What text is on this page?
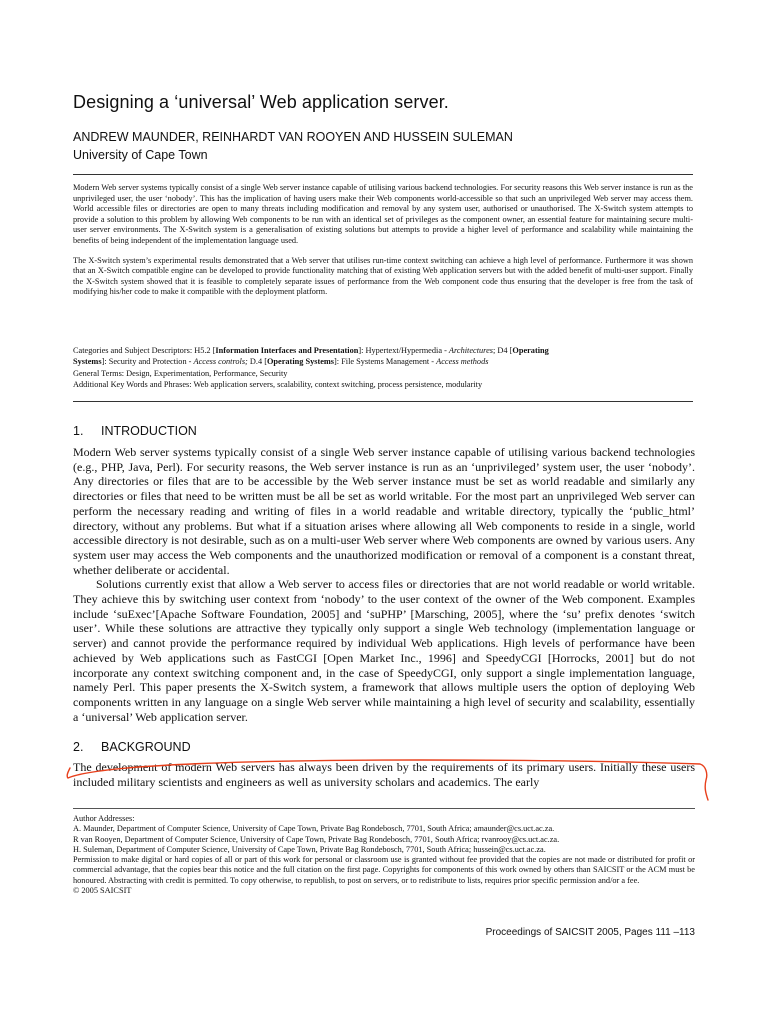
Designing a ‘universal’ Web application server.
ANDREW MAUNDER, REINHARDT VAN ROOYEN AND HUSSEIN SULEMAN
University of Cape Town

Modern Web server systems typically consist of a single Web server instance capable of utilising various backend technologies. For security reasons this Web server instance is run as the unprivileged user, the user ‘nobody’. This has the implication of having users make their Web components world-accessible so that such an unprivileged Web server may access them. World accessible files or directories are open to many threats including modification and removal by any system user, authorised or unauthorised. The X-Switch system attempts to provide a solution to this problem by allowing Web components to be run with an identical set of privileges as the component owner, an essential feature for maintaining secure multi-user server environments. The X-Switch system is a generalisation of existing solutions but attempts to provide a higher level of performance and scalability while maintaining the benefits of being independent of the implementation language used.

The X-Switch system’s experimental results demonstrated that a Web server that utilises run-time context switching can achieve a high level of performance. Furthermore it was shown that an X-Switch compatible engine can be developed to provide functionality matching that of existing Web application servers but with the added benefit of multi-user support. Finally the X-Switch system showed that it is feasible to completely separate issues of performance from the Web component code thus ensuring that the developer is free from the task of modifying his/her code to make it compatible with the deployment platform.

Categories and Subject Descriptors: H5.2 [Information Interfaces and Presentation]: Hypertext/Hypermedia - Architectures; D4 [Operating
Systems]: Security and Protection - Access controls; D.4 [Operating Systems]: File Systems Management - Access methods
General Terms: Design, Experimentation, Performance, Security
Additional Key Words and Phrases: Web application servers, scalability, context switching, process persistence, modularity
1. INTRODUCTION

Modern Web server systems typically consist of a single Web server instance capable of utilising various backend technologies (e.g., PHP, Java, Perl). For security reasons, the Web server instance is run as an ‘unprivileged’ system user, the user ‘nobody’. Any directories or files that are to be accessible by the Web server instance must be set as world readable and similarly any directories or files that need to be written must be all be set as world writable. For the most part an unprivileged Web server can perform the necessary reading and writing of files in a world readable and writable directory, typically the ‘public_html’ directory, without any problems. But what if a situation arises where allowing all Web components to reside in a single, world accessible directory is not desirable, such as on a multi-user Web server where Web components are owned by various users. Any system user may access the Web components and the unauthorized modification or removal of a component is a constant threat, whether deliberate or accidental.

Solutions currently exist that allow a Web server to access files or directories that are not world readable or world writable. They achieve this by switching user context from ‘nobody’ to the user context of the owner of the Web component. Examples include ‘suExec’[Apache Software Foundation, 2005] and ‘suPHP’ [Marsching, 2005], where the ‘su’ prefix denotes ‘switch user’. While these solutions are attractive they typically only support a single Web technology (implementation language or server) and cannot provide the performance required by individual Web applications. High levels of performance have been achieved by Web applications such as FastCGI [Open Market Inc., 1996] and SpeedyCGI [Horrocks, 2001] but do not incorporate any context switching component and, in the case of SpeedyCGI, only support a single implementation language, namely Perl. This paper presents the X-Switch system, a framework that allows multiple users the option of deploying Web components written in any language on a single Web server while maintaining a high level of security and scalability, essentially a ‘universal’ Web application server.

2. BACKGROUND
The development of modern Web servers has always been driven by the requirements of its primary users. Initially these users included military scientists and engineers as well as university scholars and academics. The early
Author Addresses:
A. Maunder, Department of Computer Science, University of Cape Town, Private Bag Rondebosch, 7701, South Africa; amaunder@cs.uct.ac.za.
R van Rooyen, Department of Computer Science, University of Cape Town, Private Bag Rondebosch, 7701, South Africa; rvanrooy@cs.uct.ac.za.
H. Suleman, Department of Computer Science, University of Cape Town, Private Bag Rondebosch, 7701, South Africa; hussein@cs.uct.ac.za.
Permission to make digital or hard copies of all or part of this work for personal or classroom use is granted without fee provided that the copies are not made or distributed for profit or commercial advantage, that the copies bear this notice and the full citation on the first page. Copyrights for components of this work owned by others than SAICSIT or the ACM must be honoured. Abstracting with credit is permitted. To copy otherwise, to republish, to post on servers, or to redistribute to lists, requires prior specific permission and/or a fee.
© 2005 SAICSIT
Proceedings of SAICSIT 2005, Pages 111 –113
